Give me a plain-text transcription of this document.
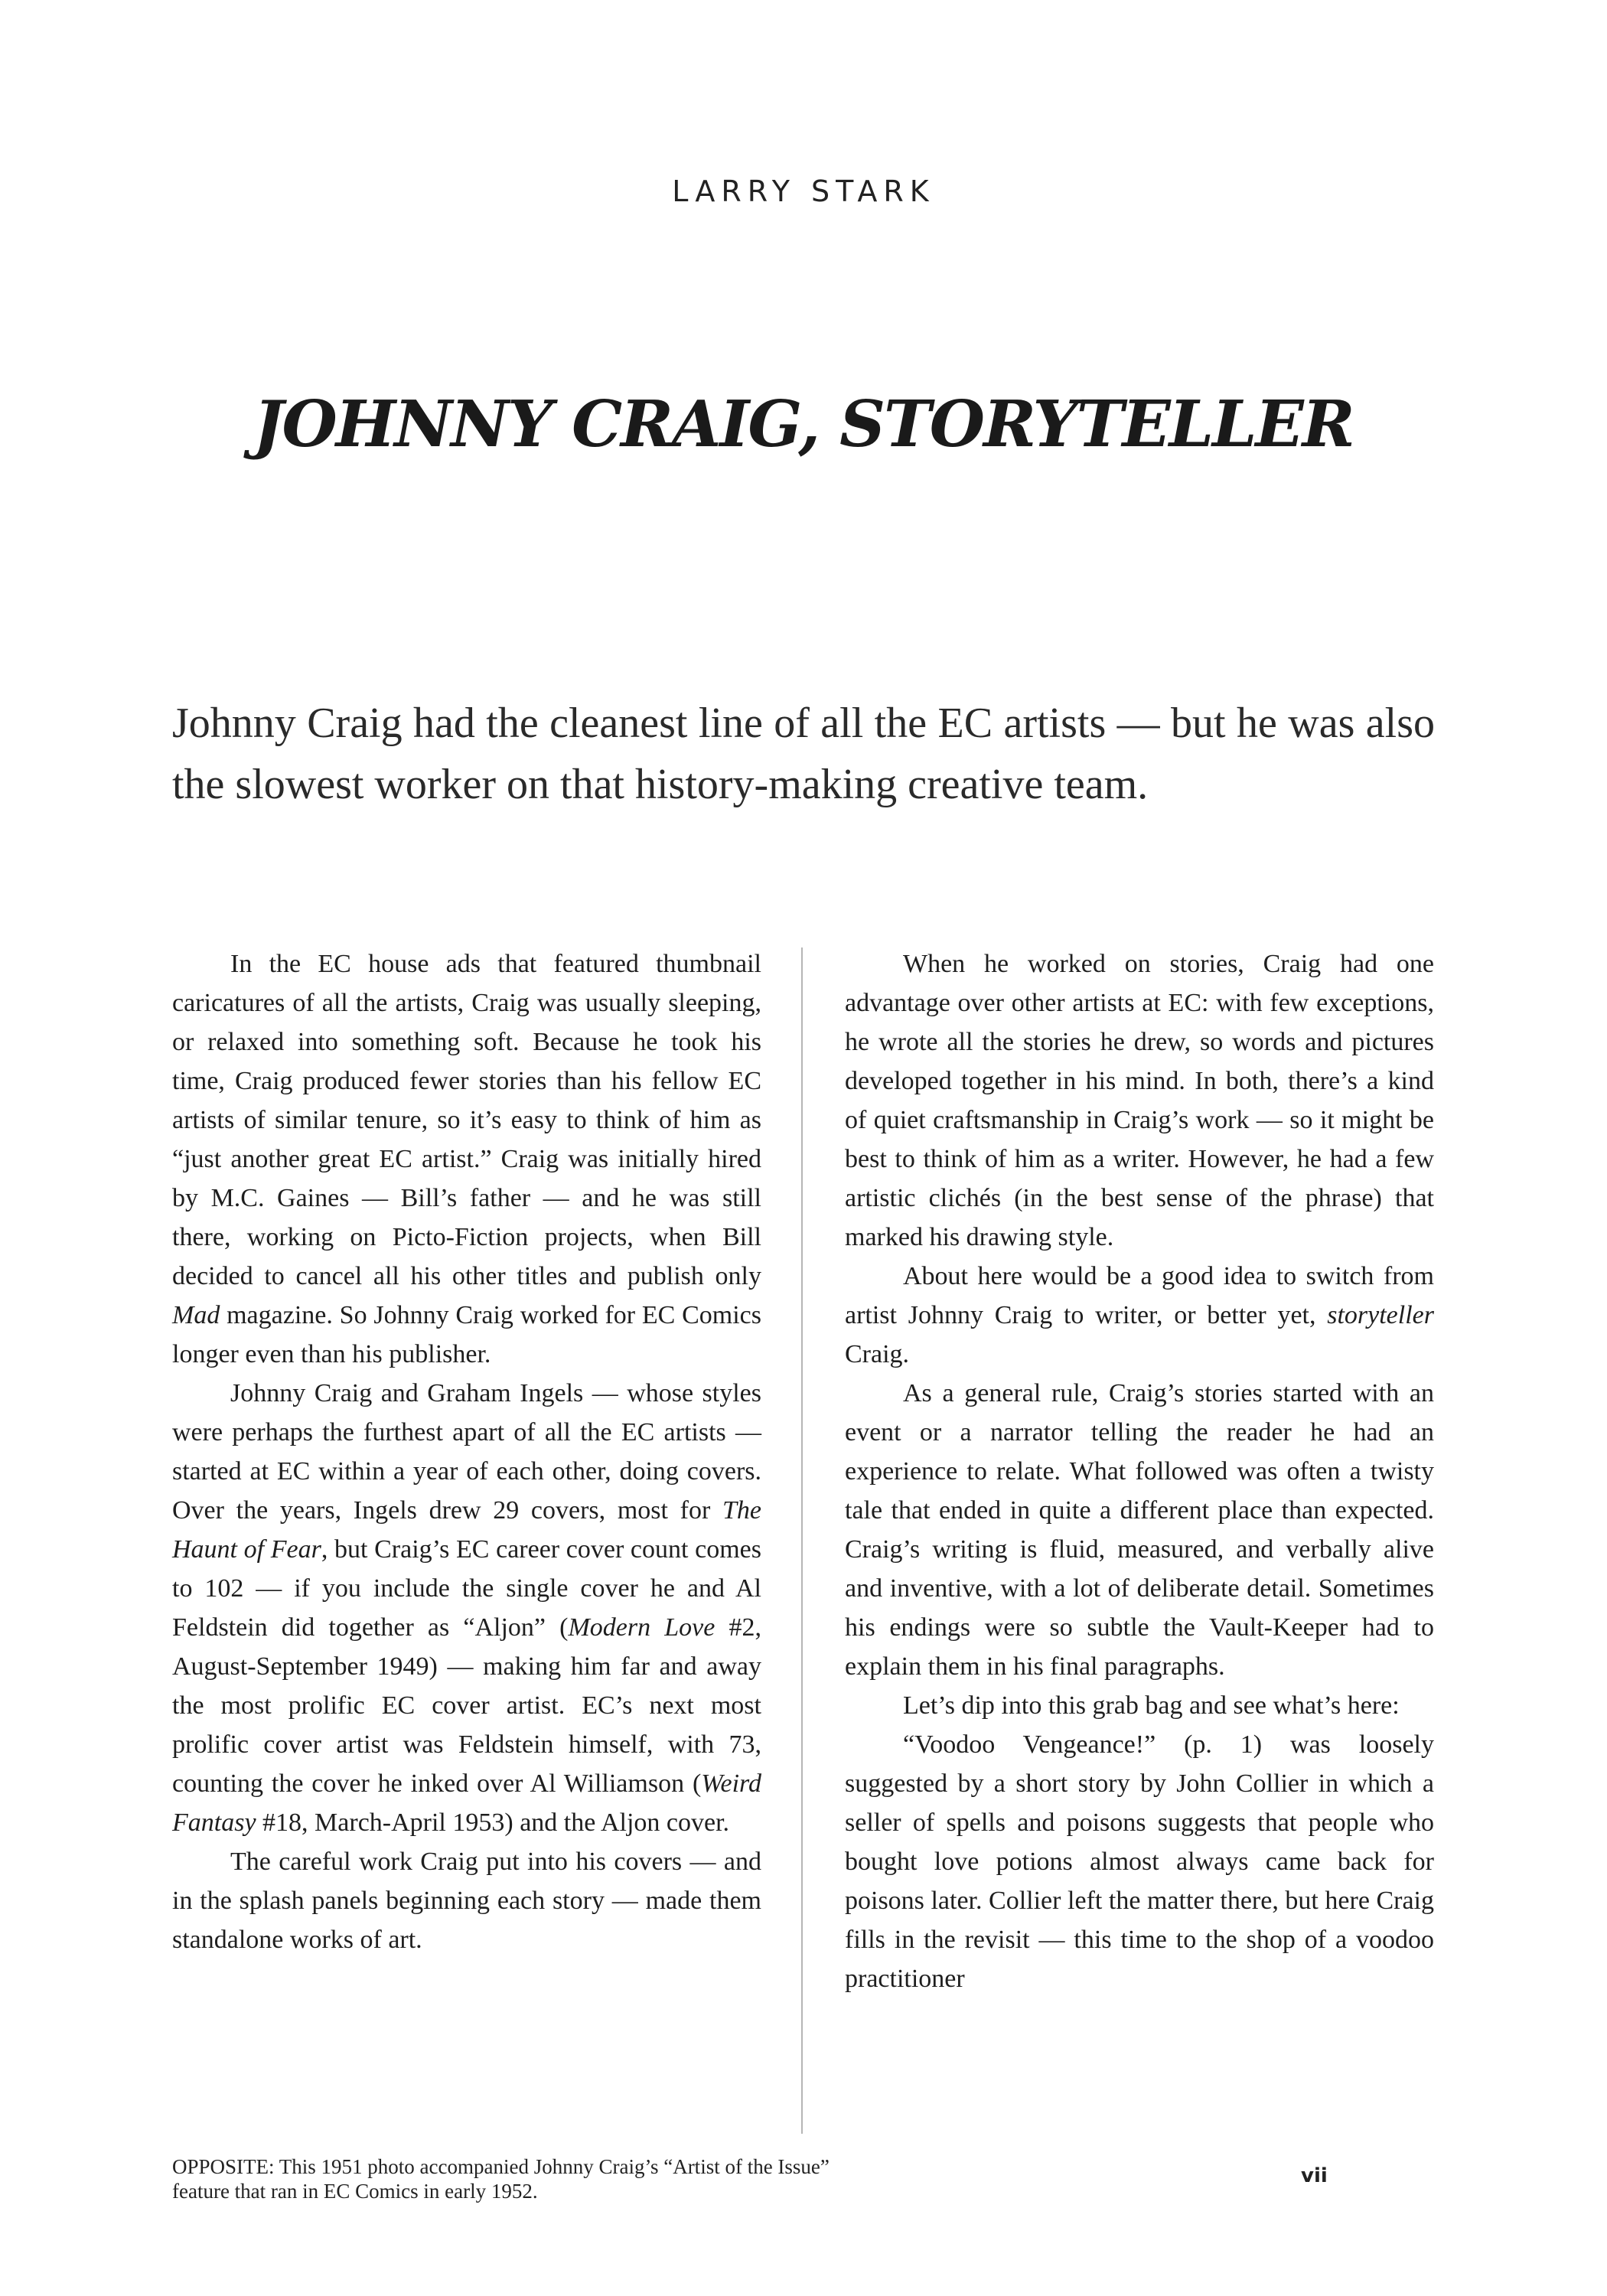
LARRY STARK
JOHNNY CRAIG, STORYTELLER

Johnny Craig had the cleanest line of all the EC artists — but he was also the slowest worker on that history-making creative team.

In the EC house ads that featured thumbnail caricatures of all the artists, Craig was usually sleeping, or relaxed into something soft. Because he took his time, Craig produced fewer stories than his fellow EC artists of similar tenure, so it’s easy to think of him as “just another great EC artist.” Craig was initially hired by M.C. Gaines — Bill’s father — and he was still there, working on Picto-Fiction projects, when Bill decided to cancel all his other titles and publish only Mad magazine. So Johnny Craig worked for EC Comics longer even than his publisher.

Johnny Craig and Graham Ingels — whose styles were perhaps the furthest apart of all the EC artists — started at EC within a year of each other, doing covers. Over the years, Ingels drew 29 covers, most for The Haunt of Fear, but Craig’s EC career cover count comes to 102 — if you include the single cover he and Al Feldstein did together as “Aljon” (Modern Love #2, August-September 1949) — making him far and away the most prolific EC cover artist. EC’s next most prolific cover artist was Feldstein himself, with 73, counting the cover he inked over Al Williamson (Weird Fantasy #18, March-April 1953) and the Aljon cover.

The careful work Craig put into his covers — and in the splash panels beginning each story — made them standalone works of art.

When he worked on stories, Craig had one advantage over other artists at EC: with few exceptions, he wrote all the stories he drew, so words and pictures developed together in his mind. In both, there’s a kind of quiet craftsmanship in Craig’s work — so it might be best to think of him as a writer. However, he had a few artistic clichés (in the best sense of the phrase) that marked his drawing style.

About here would be a good idea to switch from artist Johnny Craig to writer, or better yet, storyteller Craig.

As a general rule, Craig’s stories started with an event or a narrator telling the reader he had an experience to relate. What followed was often a twisty tale that ended in quite a different place than expected. Craig’s writing is fluid, measured, and verbally alive and inventive, with a lot of deliberate detail. Sometimes his endings were so subtle the Vault-Keeper had to explain them in his final paragraphs.

Let’s dip into this grab bag and see what’s here:

“Voodoo Vengeance!” (p. 1) was loosely suggested by a short story by John Collier in which a seller of spells and poisons suggests that people who bought love potions almost always came back for poisons later. Collier left the matter there, but here Craig fills in the revisit — this time to the shop of a voodoo practitioner

OPPOSITE: This 1951 photo accompanied Johnny Craig’s “Artist of the Issue”
feature that ran in EC Comics in early 1952.
vii
